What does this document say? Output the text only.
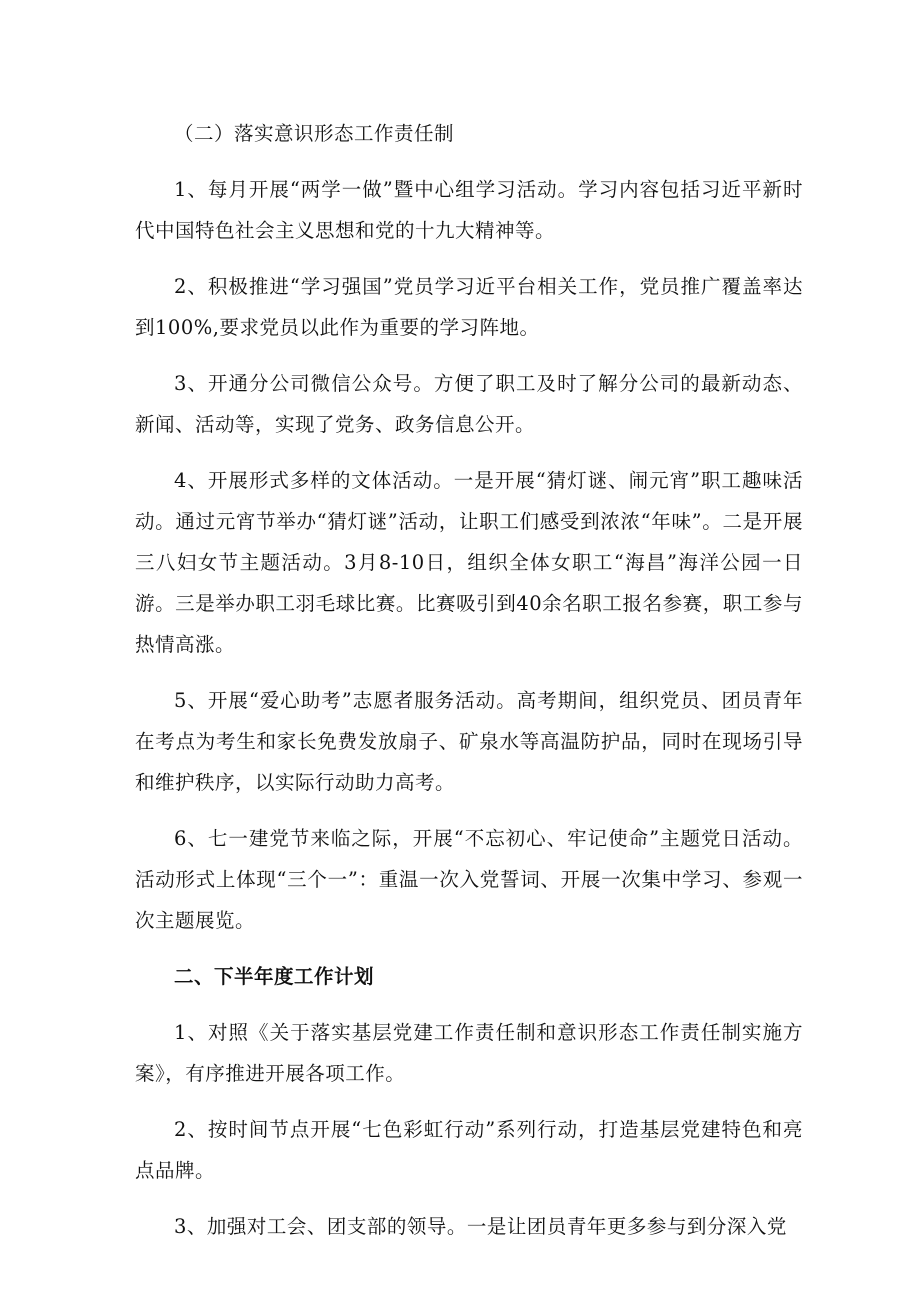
（二）落实意识形态工作责任制

1、每月开展“两学一做”暨中心组学习活动。学习内容包括习近平新时代中国特色社会主义思想和党的十九大精神等。

2、积极推进“学习强国”党员学习近平台相关工作，党员推广覆盖率达到100%,要求党员以此作为重要的学习阵地。

3、开通分公司微信公众号。方便了职工及时了解分公司的最新动态、新闻、活动等，实现了党务、政务信息公开。

4、开展形式多样的文体活动。一是开展“猜灯谜、闹元宵”职工趣味活动。通过元宵节举办“猜灯谜”活动，让职工们感受到浓浓“年味”。二是开展三八妇女节主题活动。3月8-10日，组织全体女职工“海昌”海洋公园一日游。三是举办职工羽毛球比赛。比赛吸引到40余名职工报名参赛，职工参与热情高涨。

5、开展“爱心助考”志愿者服务活动。高考期间，组织党员、团员青年在考点为考生和家长免费发放扇子、矿泉水等高温防护品，同时在现场引导和维护秩序，以实际行动助力高考。

6、七一建党节来临之际，开展“不忘初心、牢记使命”主题党日活动。活动形式上体现“三个一”：重温一次入党誓词、开展一次集中学习、参观一次主题展览。

二、下半年度工作计划

1、对照《关于落实基层党建工作责任制和意识形态工作责任制实施方案》，有序推进开展各项工作。

2、按时间节点开展“七色彩虹行动”系列行动，打造基层党建特色和亮点品牌。

3、加强对工会、团支部的领导。一是让团员青年更多参与到分深入党
